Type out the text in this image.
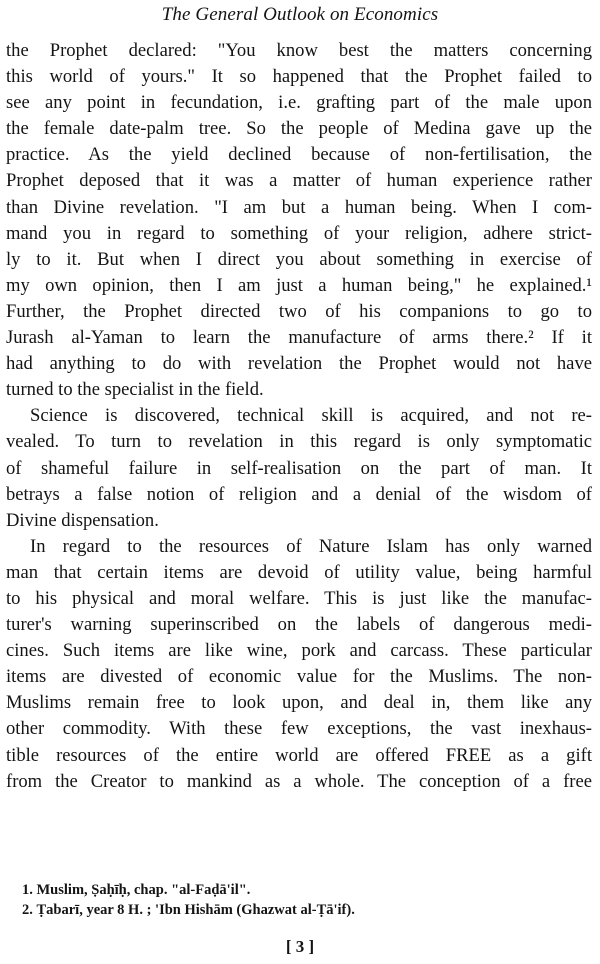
The General Outlook on Economics
the Prophet declared: "You know best the matters concerning
this world of yours." It so happened that the Prophet failed to
see any point in fecundation, i.e. grafting part of the male upon
the female date-palm tree. So the people of Medina gave up the
practice. As the yield declined because of non-fertilisation, the
Prophet deposed that it was a matter of human experience rather
than Divine revelation. "I am but a human being. When I com-
mand you in regard to something of your religion, adhere strict-
ly to it. But when I direct you about something in exercise of
my own opinion, then I am just a human being," he explained.¹
Further, the Prophet directed two of his companions to go to
Jurash al-Yaman to learn the manufacture of arms there.² If it
had anything to do with revelation the Prophet would not have
turned to the specialist in the field.
Science is discovered, technical skill is acquired, and not re-
vealed. To turn to revelation in this regard is only symptomatic
of shameful failure in self-realisation on the part of man. It
betrays a false notion of religion and a denial of the wisdom of
Divine dispensation.
In regard to the resources of Nature Islam has only warned
man that certain items are devoid of utility value, being harmful
to his physical and moral welfare. This is just like the manufac-
turer's warning superinscribed on the labels of dangerous medi-
cines. Such items are like wine, pork and carcass. These particular
items are divested of economic value for the Muslims. The non-
Muslims remain free to look upon, and deal in, them like any
other commodity. With these few exceptions, the vast inexhaus-
tible resources of the entire world are offered FREE as a gift
from the Creator to mankind as a whole. The conception of a free
1. Muslim, Ṣaḥīḥ, chap. "al-Faḍā'il".
2. Ṭabarī, year 8 H. ; 'Ibn Hishām (Ghazwat al-Ṭā'if).
[ 3 ]
